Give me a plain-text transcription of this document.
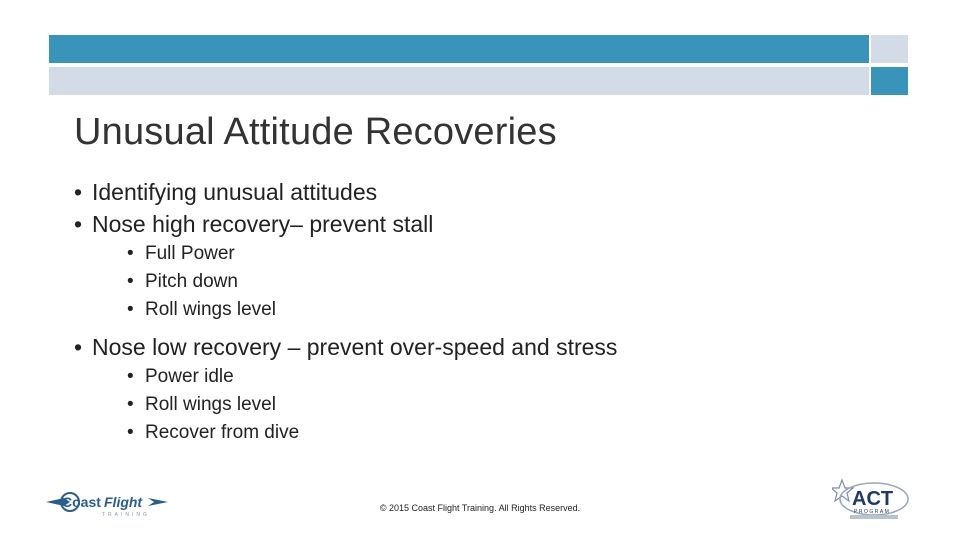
Unusual Attitude Recoveries
• Identifying unusual attitudes
• Nose high recovery– prevent stall
• Full Power
• Pitch down
• Roll wings level
• Nose low recovery – prevent over-speed and stress
• Power idle
• Roll wings level
• Recover from dive
Coast Flight
TRAINING
© 2015 Coast Flight Training. All Rights Reserved.	ACT
PROGRAM
